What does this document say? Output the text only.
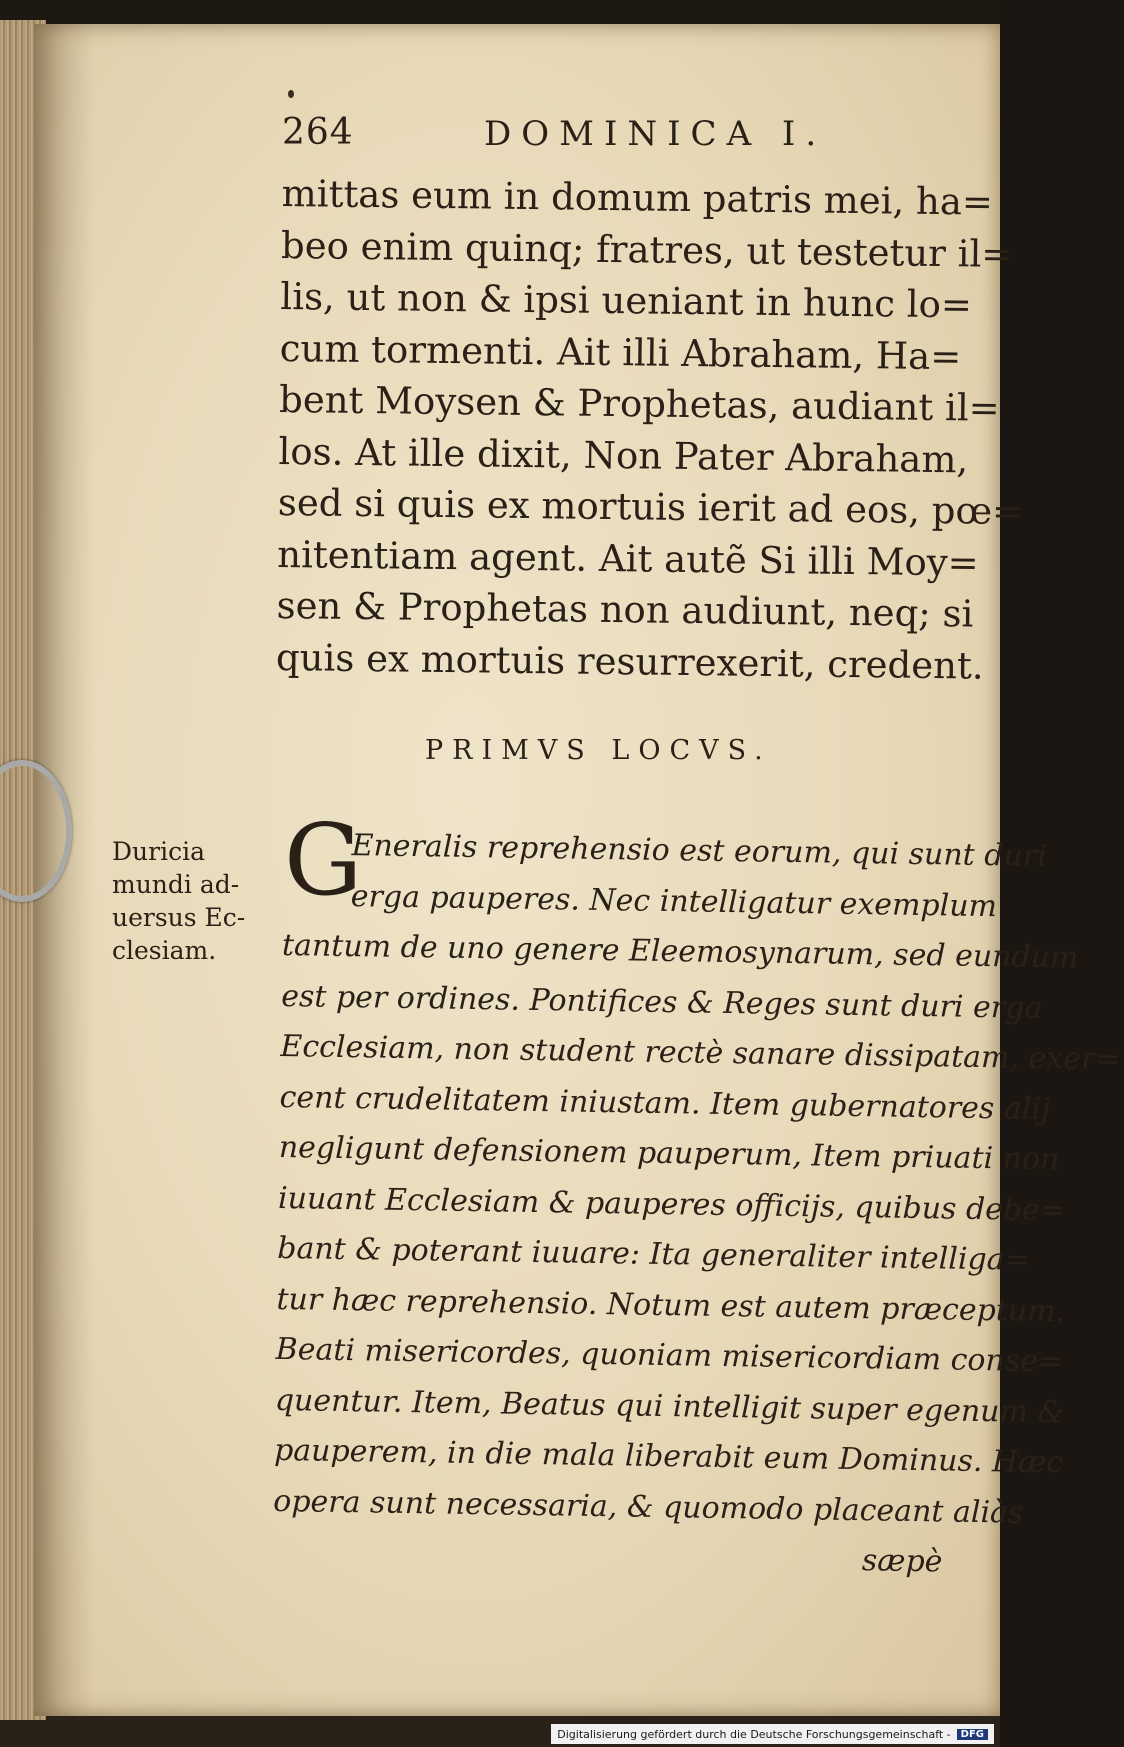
264	DOMINICA I.
mittas eum in domum patris mei, ha=
beo enim quinq; fratres, ut testetur il=
lis, ut non & ipsi ueniant in hunc lo=
cum tormenti. Ait illi Abraham, Ha=
bent Moysen & Prophetas, audiant il=
los. At ille dixit, Non Pater Abraham,
sed si quis ex mortuis ierit ad eos, pœ=
nitentiam agent. Ait autẽ Si illi Moy=
sen & Prophetas non audiunt, neq; si
quis ex mortuis resurrexerit, credent.
PRIMVS LOCVS.
Duricia
mundi ad-
uersus Ec-
clesiam.
G
Eneralis reprehensio est eorum, qui sunt duri
erga pauperes. Nec intelligatur exemplum
tantum de uno genere Eleemosynarum, sed eundum
est per ordines. Pontifices & Reges sunt duri erga
Ecclesiam, non student rectè sanare dissipatam, exer=
cent crudelitatem iniustam. Item gubernatores alij
negligunt defensionem pauperum, Item priuati non
iuuant Ecclesiam & pauperes officijs, quibus debe=
bant & poterant iuuare: Ita generaliter intelliga=
tur hæc reprehensio. Notum est autem præceptum.
Beati misericordes, quoniam misericordiam conse=
quentur. Item, Beatus qui intelligit super egenum &
pauperem, in die mala liberabit eum Dominus. Hæc
opera sunt necessaria, & quomodo placeant aliàs
sæpè
Digitalisierung gefördert durch die Deutsche Forschungsgemeinschaft -	DFG
